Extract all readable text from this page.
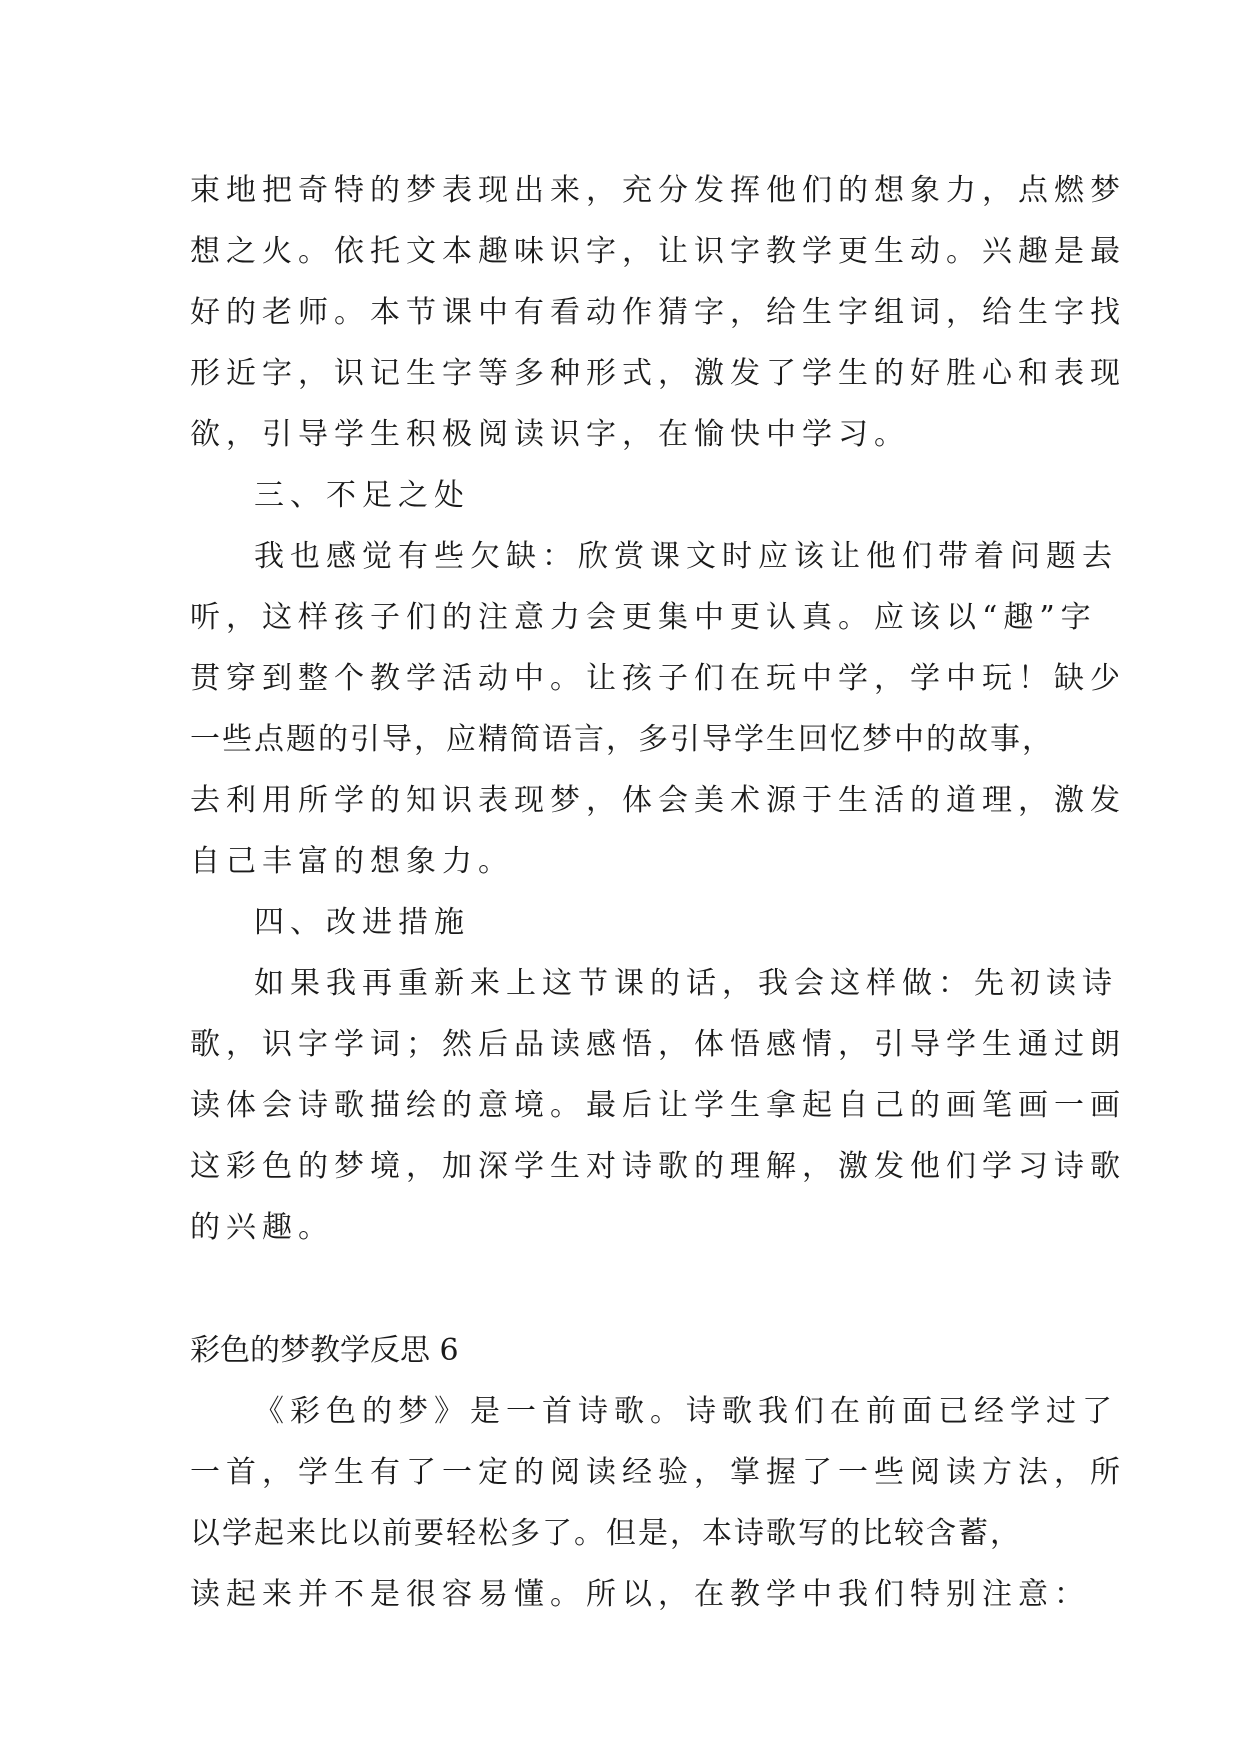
束地把奇特的梦表现出来，充分发挥他们的想象力，点燃梦

想之火。依托文本趣味识字，让识字教学更生动。兴趣是最

好的老师。本节课中有看动作猜字，给生字组词，给生字找

形近字，识记生字等多种形式，激发了学生的好胜心和表现

欲，引导学生积极阅读识字，在愉快中学习。

三、不足之处

我也感觉有些欠缺：欣赏课文时应该让他们带着问题去

听，这样孩子们的注意力会更集中更认真。应该以“趣”字

贯穿到整个教学活动中。让孩子们在玩中学，学中玩！缺少

一些点题的引导，应精简语言，多引导学生回忆梦中的故事，

去利用所学的知识表现梦，体会美术源于生活的道理，激发

自己丰富的想象力。

四、改进措施

如果我再重新来上这节课的话，我会这样做：先初读诗

歌，识字学词；然后品读感悟，体悟感情，引导学生通过朗

读体会诗歌描绘的意境。最后让学生拿起自己的画笔画一画

这彩色的梦境，加深学生对诗歌的理解，激发他们学习诗歌

的兴趣。

彩色的梦教学反思 6

《彩色的梦》是一首诗歌。诗歌我们在前面已经学过了

一首，学生有了一定的阅读经验，掌握了一些阅读方法，所

以学起来比以前要轻松多了。但是，本诗歌写的比较含蓄，

读起来并不是很容易懂。所以，在教学中我们特别注意：
